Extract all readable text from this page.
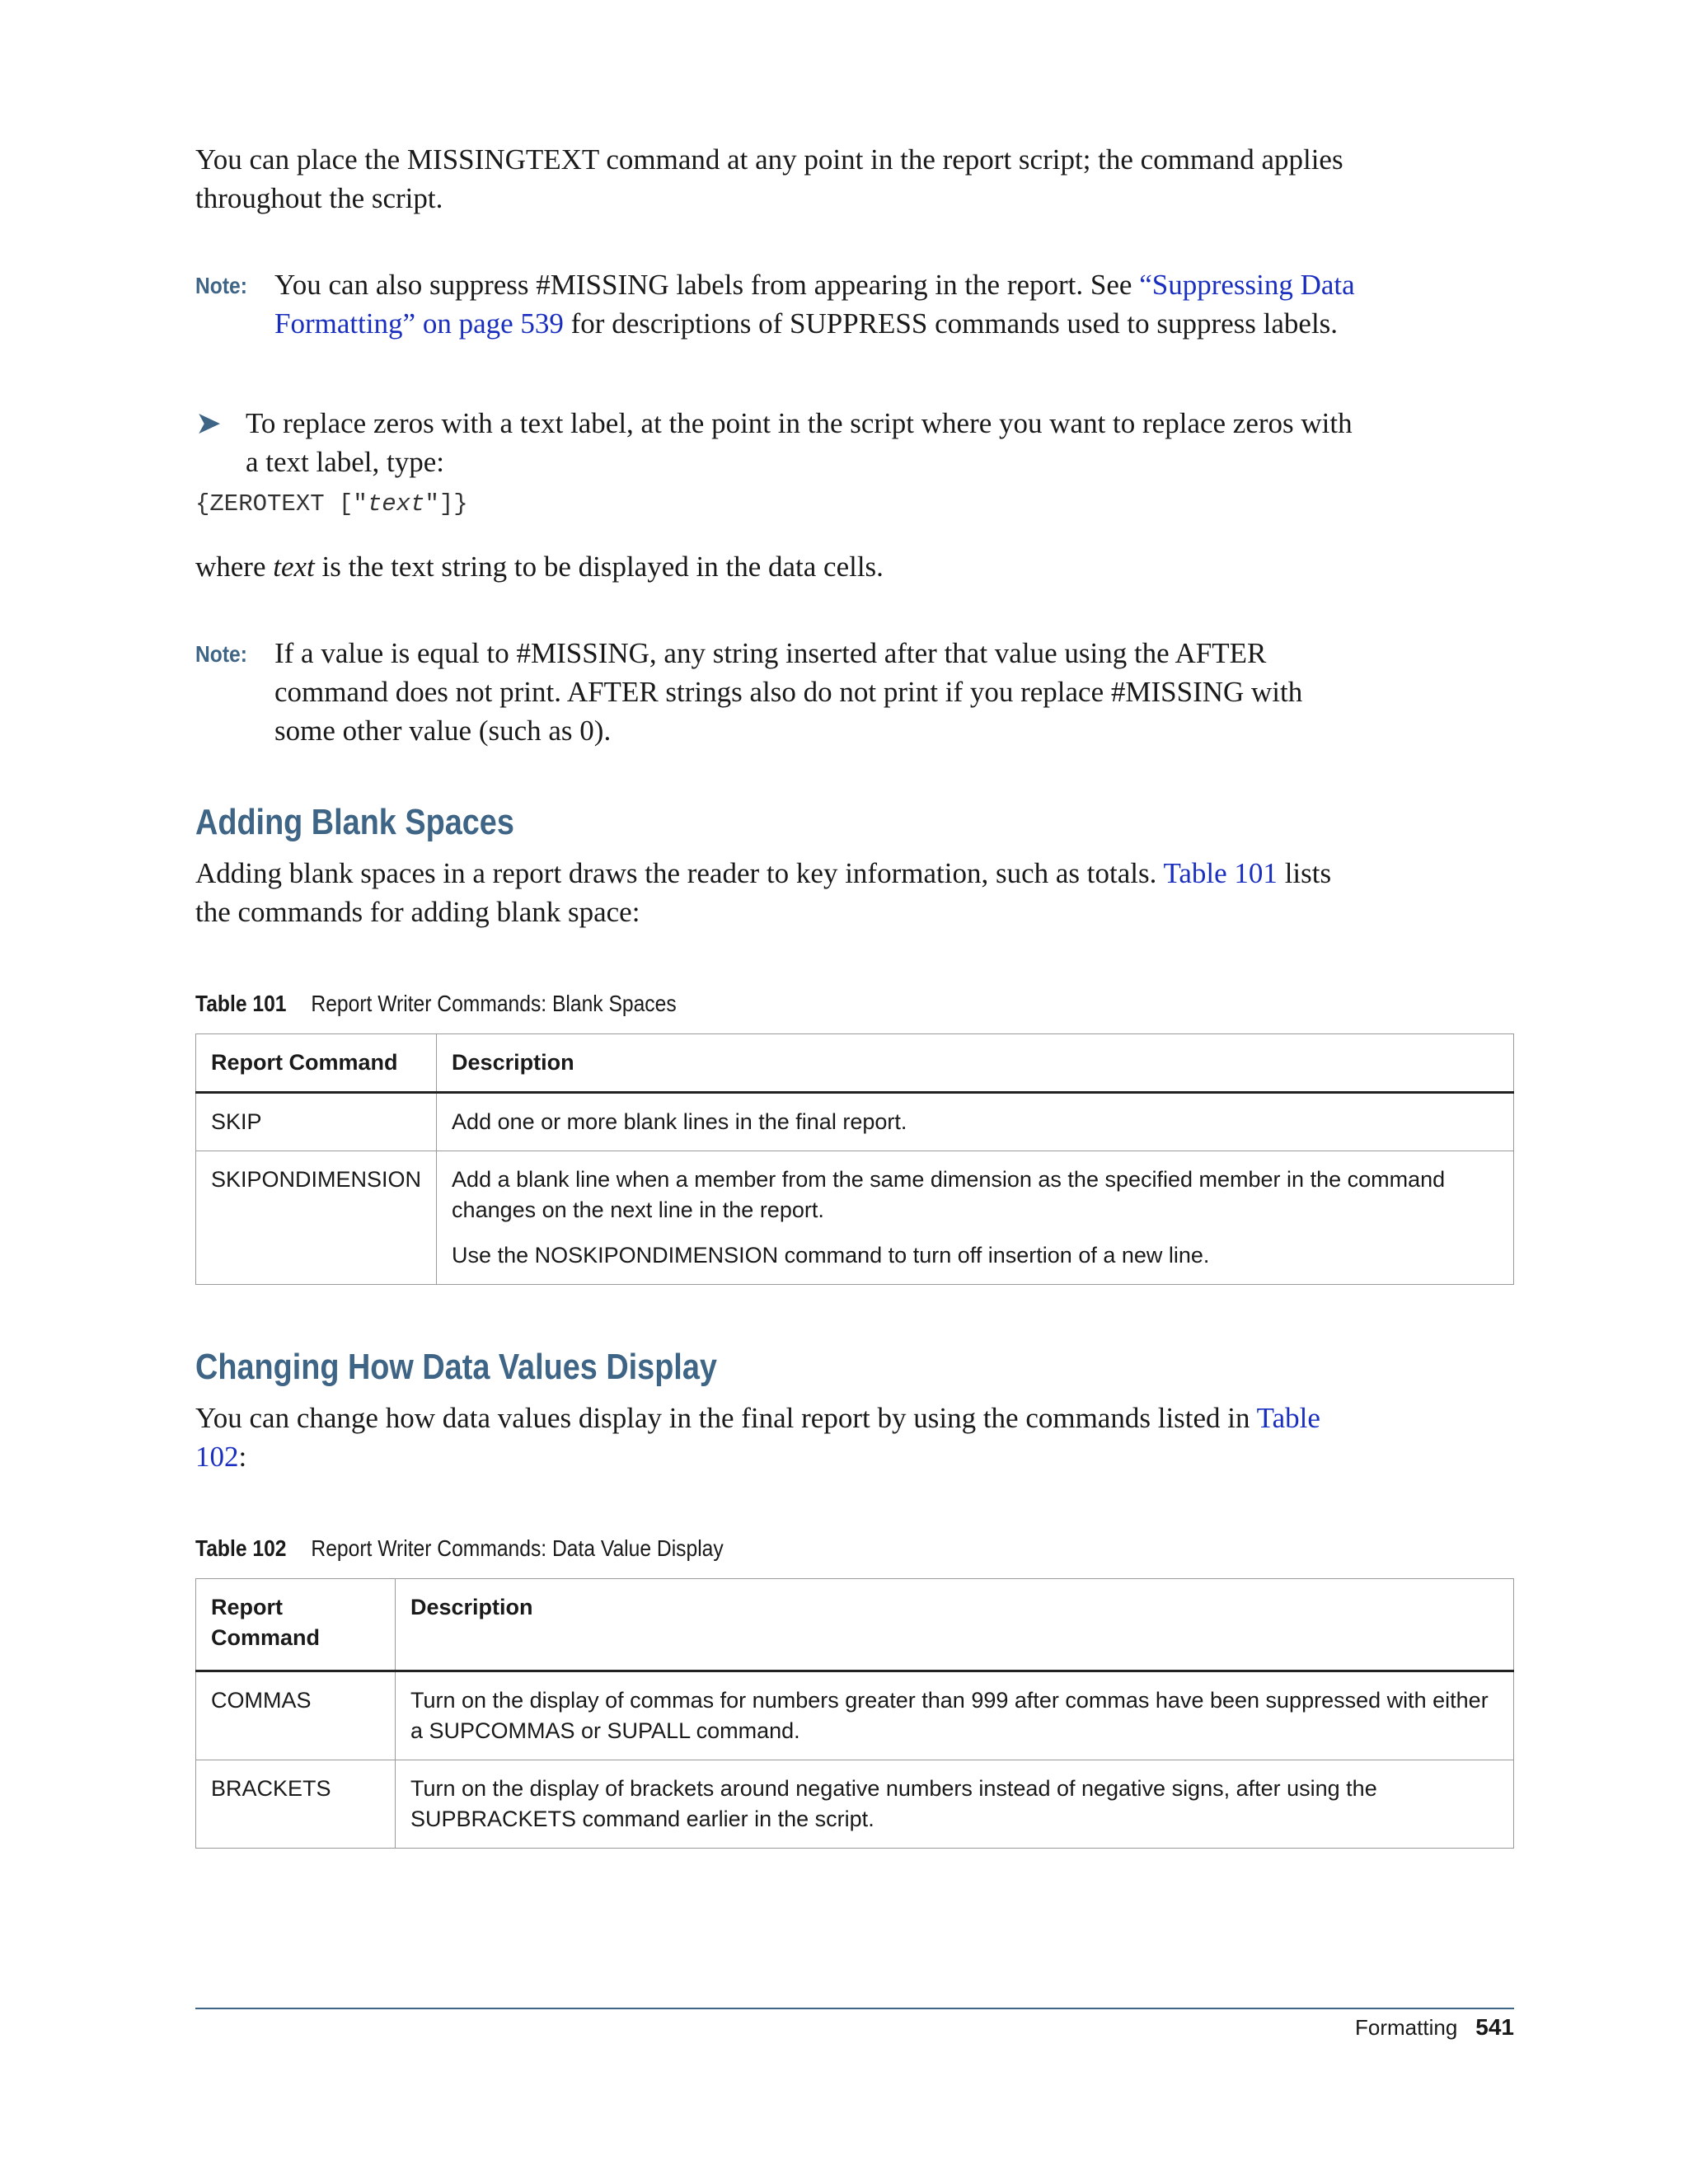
You can place the MISSINGTEXT command at any point in the report script; the command applies throughout the script.

Note: You can also suppress #MISSING labels from appearing in the report. See “Suppressing Data Formatting” on page 539 for descriptions of SUPPRESS commands used to suppress labels.
➤ To replace zeros with a text label, at the point in the script where you want to replace zeros with a text label, type:

{ZEROTEXT ["text"]}

where text is the text string to be displayed in the data cells.

Note: If a value is equal to #MISSING, any string inserted after that value using the AFTER command does not print. AFTER strings also do not print if you replace #MISSING with some other value (such as 0).
Adding Blank Spaces

Adding blank spaces in a report draws the reader to key information, such as totals. Table 101 lists the commands for adding blank space:

Table 101 Report Writer Commands: Blank Spaces

Report Command	Description
SKIP	Add one or more blank lines in the final report.

SKIPONDIMENSION	Add a blank line when a member from the same dimension as the specified member in the command changes on the next line in the report.

Use the NOSKIPONDIMENSION command to turn off insertion of a new line.

Changing How Data Values Display

You can change how data values display in the final report by using the commands listed in Table 102:

Table 102 Report Writer Commands: Data Value Display

Report Command	Description
COMMAS	Turn on the display of commas for numbers greater than 999 after commas have been suppressed with either a SUPCOMMAS or SUPALL command.

BRACKETS	Turn on the display of brackets around negative numbers instead of negative signs, after using the SUPBRACKETS command earlier in the script.

Formatting 541
